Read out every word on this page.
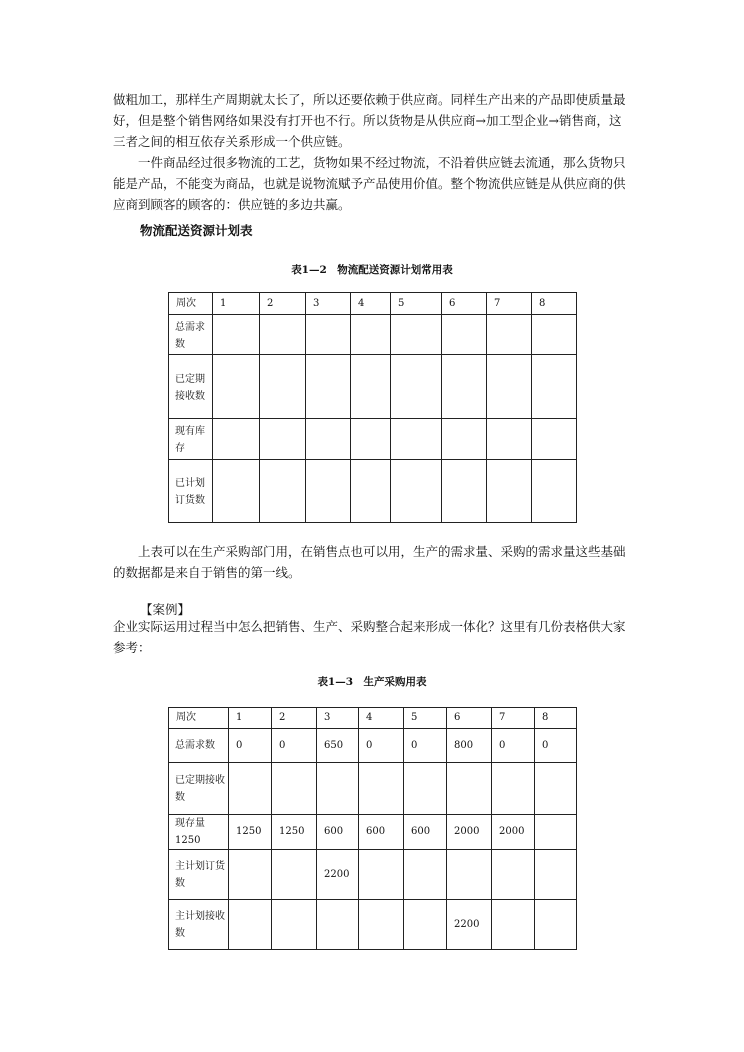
做粗加工，那样生产周期就太长了，所以还要依赖于供应商。同样生产出来的产品即使质量最好，但是整个销售网络如果没有打开也不行。所以货物是从供应商→加工型企业→销售商，这三者之间的相互依存关系形成一个供应链。

一件商品经过很多物流的工艺，货物如果不经过物流，不沿着供应链去流通，那么货物只能是产品，不能变为商品，也就是说物流赋予产品使用价值。整个物流供应链是从供应商的供应商到顾客的顾客的：供应链的多边共赢。

物流配送资源计划表

表1—2　物流配送资源计划常用表

周次	1	2	3	4	5	6	7	8
总需求数								
已定期接收数								
现有库存								
已计划订货数								

上表可以在生产采购部门用，在销售点也可以用，生产的需求量、采购的需求量这些基础的数据都是来自于销售的第一线。

【案例】

企业实际运用过程当中怎么把销售、生产、采购整合起来形成一体化？这里有几份表格供大家参考：

表1—3　生产采购用表

周次	1	2	3	4	5	6	7	8
总需求数	0	0	650	0	0	800	0	0
已定期接收数								
现存量1250	1250	1250	600	600	600	2000	2000	
主计划订货数			2200					
主计划接收数						2200		
